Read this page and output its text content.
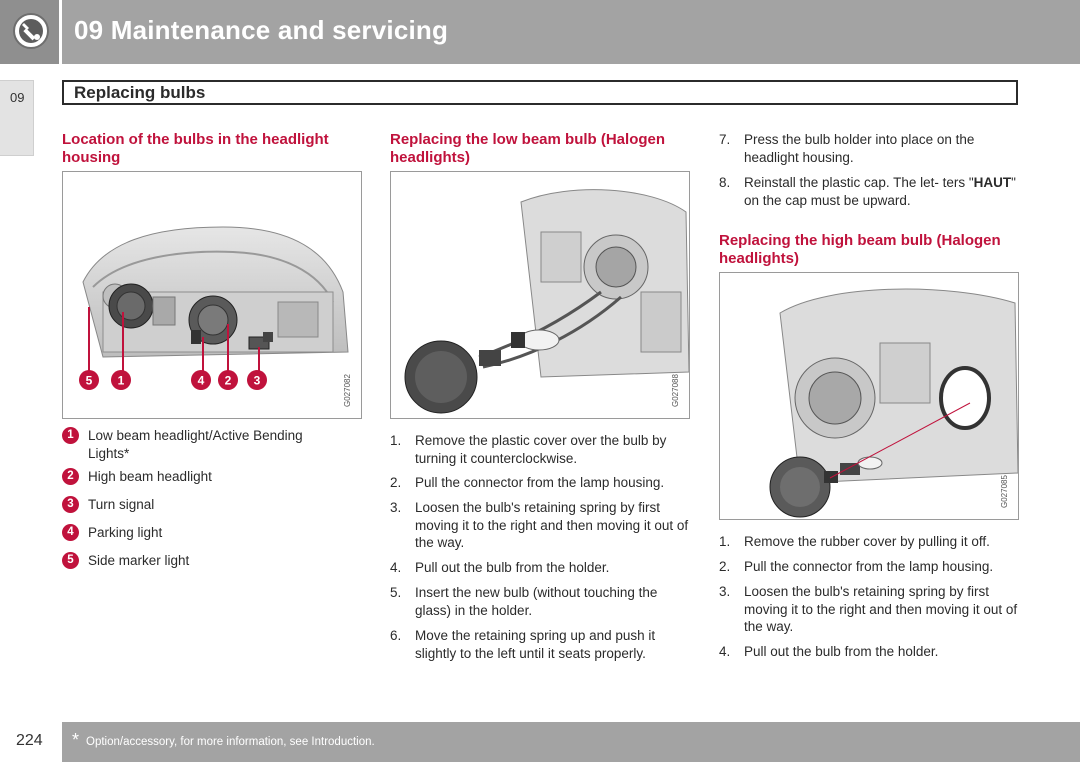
09 Maintenance and servicing
09	Replacing bulbs
Location of the bulbs in the headlight housing
5 1	4 2 3	G027082
1	Low beam headlight/Active Bending Lights*
2	High beam headlight
3	Turn signal
4	Parking light
5	Side marker light
Replacing the low beam bulb (Halogen headlights)
G027088
1. Remove the plastic cover over the bulb by turning it counterclockwise.
2. Pull the connector from the lamp housing.
3. Loosen the bulb's retaining spring by first moving it to the right and then moving it out of the way.
4. Pull out the bulb from the holder.
5. Insert the new bulb (without touching the glass) in the holder.
6. Move the retaining spring up and push it slightly to the left until it seats properly.
7. Press the bulb holder into place on the headlight housing.
8. Reinstall the plastic cap. The let- ters "HAUT" on the cap must be upward.
Replacing the high beam bulb (Halogen headlights)
G027085
1. Remove the rubber cover by pulling it off.
2. Pull the connector from the lamp housing.
3. Loosen the bulb's retaining spring by first moving it to the right and then moving it out of the way.
4. Pull out the bulb from the holder.
224 * Option/accessory, for more information, see Introduction.
